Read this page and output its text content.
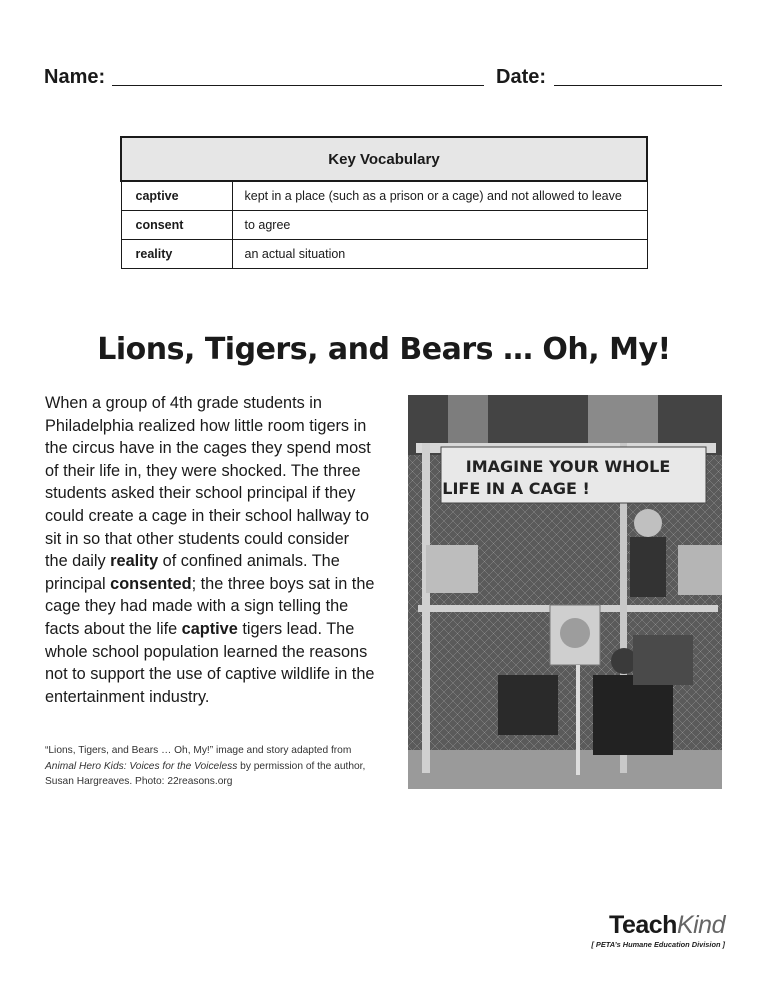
Name:	Date:
Key Vocabulary	
captive	kept in a place (such as a prison or a cage) and not allowed to leave
consent	to agree
reality	an actual situation
Lions, Tigers, and Bears … Oh, My!

When a group of 4th grade students in Philadelphia realized how little room tigers in the circus have in the cages they spend most of their life in, they were shocked. The three students asked their school principal if they could create a cage in their school hallway to sit in so that other students could consider the daily reality of confined animals. The principal consented; the three boys sat in the cage they had made with a sign telling the facts about the life captive tigers lead. The whole school population learned the reasons not to support the use of captive wildlife in the entertainment industry.

“Lions, Tigers, and Bears … Oh, My!” image and story adapted from Animal Hero Kids: Voices for the Voiceless by permission of the author, Susan Hargreaves. Photo: 22reasons.org
IMAGINE YOUR WHOLE
LIFE IN A CAGE !
TeachKind
[ PETA’s Humane Education Division ]
